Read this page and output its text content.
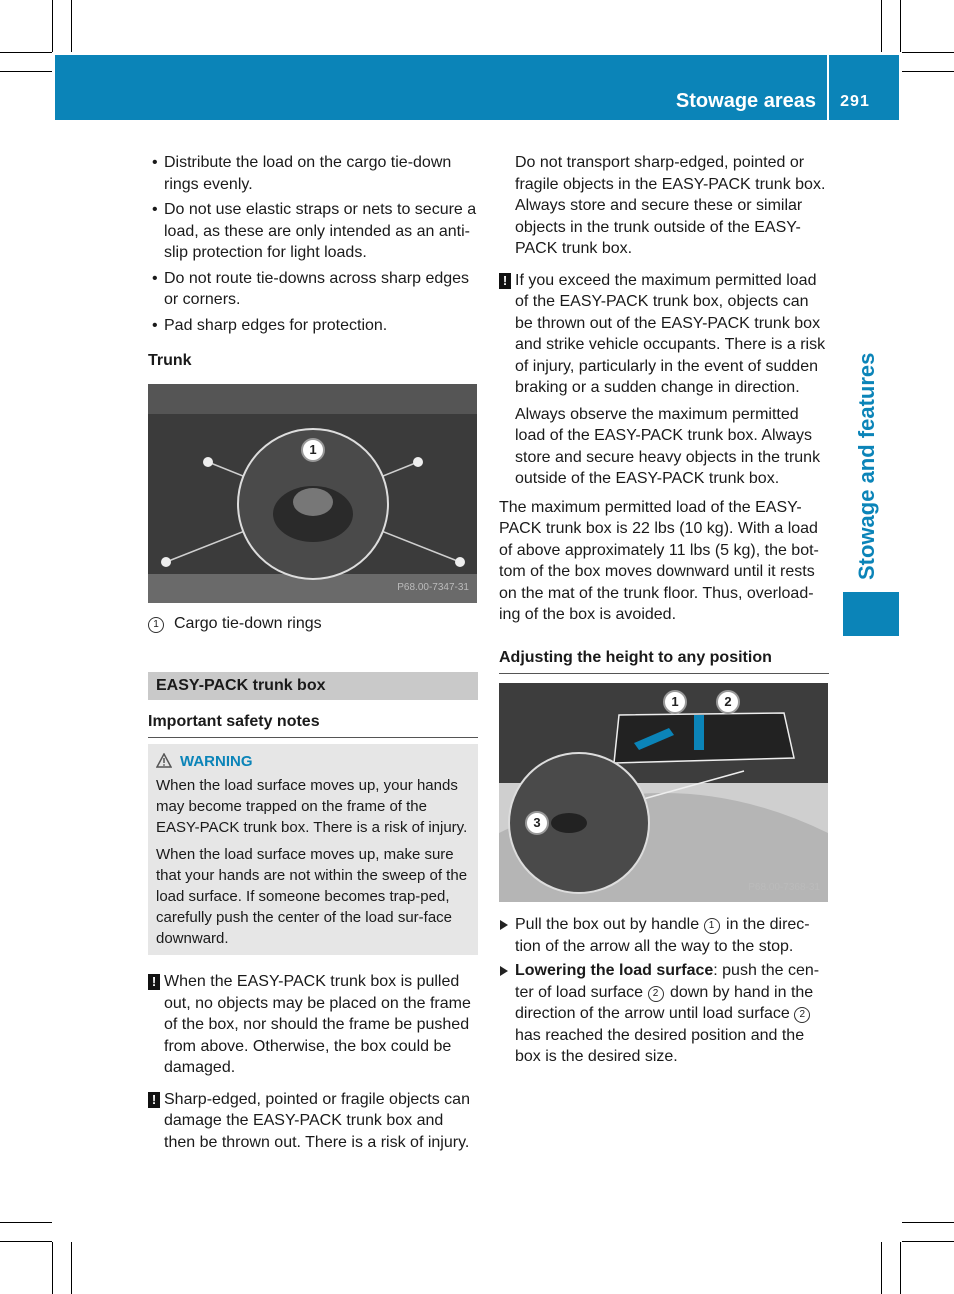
Stowage areas	291
Stowage and features
• Distribute the load on the cargo tie-down rings evenly.
• Do not use elastic straps or nets to secure a load, as these are only intended as an anti-slip protection for light loads.
• Do not route tie-downs across sharp edges or corners.
• Pad sharp edges for protection.

Trunk

1
P68.00-7347-31
1 Cargo tie-down rings
EASY-PACK trunk box
Important safety notes
WARNING

When the load surface moves up, your hands may become trapped on the frame of the EASY-PACK trunk box. There is a risk of injury.

When the load surface moves up, make sure that your hands are not within the sweep of the load surface. If someone becomes trap-ped, carefully push the center of the load sur-face downward.

! When the EASY-PACK trunk box is pulled out, no objects may be placed on the frame of the box, nor should the frame be pushed from above. Otherwise, the box could be damaged.
! Sharp-edged, pointed or fragile objects can damage the EASY-PACK trunk box and then be thrown out. There is a risk of injury.

Do not transport sharp-edged, pointed or fragile objects in the EASY-PACK trunk box. Always store and secure these or similar objects in the trunk outside of the EASY-PACK trunk box.

! If you exceed the maximum permitted load of the EASY-PACK trunk box, objects can be thrown out of the EASY-PACK trunk box and strike vehicle occupants. There is a risk of injury, particularly in the event of sudden braking or a sudden change in direction.

Always observe the maximum permitted load of the EASY-PACK trunk box. Always store and secure heavy objects in the trunk outside of the EASY-PACK trunk box.

The maximum permitted load of the EASY-PACK trunk box is 22 lbs (10 kg). With a load of above approximately 11 lbs (5 kg), the bot-tom of the box moves downward until it rests on the mat of the trunk floor. Thus, overload-ing of the box is avoided.

Adjusting the height to any position
1	2
3
P68.00-7368-31
Pull the box out by handle 1 in the direc-tion of the arrow all the way to the stop.
Lowering the load surface: push the cen-ter of load surface 2 down by hand in the direction of the arrow until load surface 2 has reached the desired position and the box is the desired size.
